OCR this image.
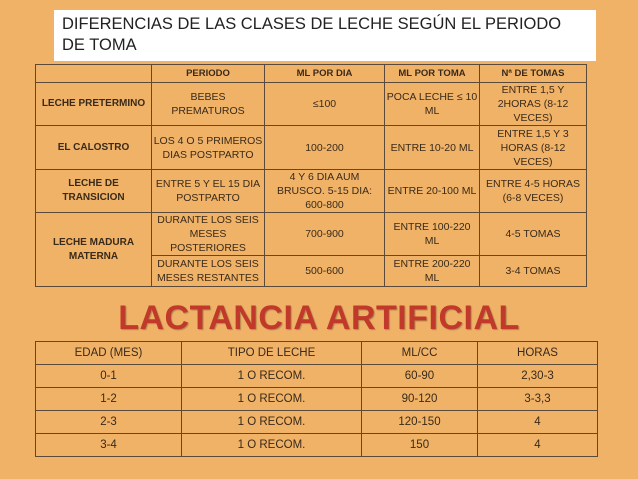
DIFERENCIAS DE LAS CLASES DE LECHE SEGÚN EL PERIODO DE TOMA
	PERIODO	ML POR DIA	ML POR TOMA	Nª DE TOMAS
LECHE PRETERMINO	BEBES PREMATUROS	≤100	POCA LECHE ≤ 10 ML	ENTRE 1,5 Y 2HORAS (8-12 VECES)
EL CALOSTRO	LOS 4 O 5 PRIMEROS DIAS POSTPARTO	100-200	ENTRE 10-20 ML	ENTRE 1,5 Y 3 HORAS (8-12 VECES)
LECHE DE TRANSICION	ENTRE 5 Y EL 15 DIA POSTPARTO	4 Y 6 DIA AUM BRUSCO. 5-15 DIA: 600-800	ENTRE 20-100 ML	ENTRE 4-5 HORAS (6-8 VECES)
LECHE MADURA MATERNA	DURANTE LOS SEIS MESES POSTERIORES	700-900	ENTRE 100-220 ML	4-5 TOMAS
	DURANTE LOS SEIS MESES RESTANTES	500-600	ENTRE 200-220 ML	3-4 TOMAS
LACTANCIA ARTIFICIAL
EDAD (MES)	TIPO DE LECHE	ML/CC	HORAS
0-1	1 O RECOM.	60-90	2,30-3
1-2	1 O RECOM.	90-120	3-3,3
2-3	1 O RECOM.	120-150	4
3-4	1 O RECOM.	150	4
